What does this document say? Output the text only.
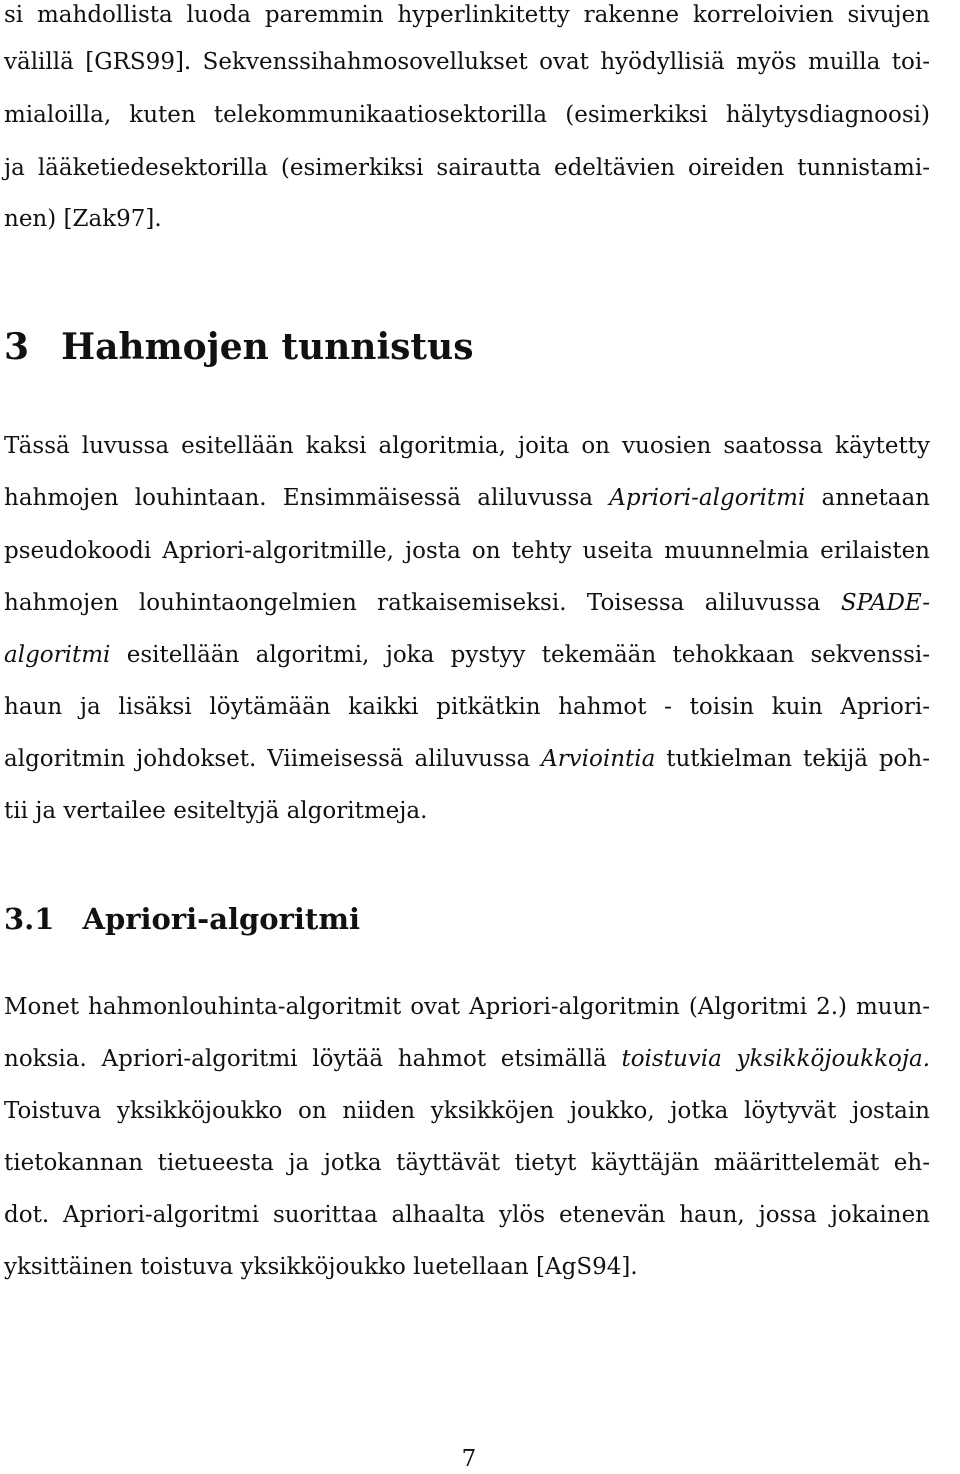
si mahdollista luoda paremmin hyperlinkitetty rakenne korreloivien sivujen
välillä [GRS99]. Sekvenssihahmosovellukset ovat hyödyllisiä myös muilla toi-
mialoilla, kuten telekommunikaatiosektorilla (esimerkiksi hälytysdiagnoosi)
ja lääketiedesektorilla (esimerkiksi sairautta edeltävien oireiden tunnistami-
nen) [Zak97].
3 Hahmojen tunnistus
Tässä luvussa esitellään kaksi algoritmia, joita on vuosien saatossa käytetty
hahmojen louhintaan. Ensimmäisessä aliluvussa Apriori-algoritmi annetaan
pseudokoodi Apriori-algoritmille, josta on tehty useita muunnelmia erilaisten
hahmojen louhintaongelmien ratkaisemiseksi. Toisessa aliluvussa SPADE-
algoritmi esitellään algoritmi, joka pystyy tekemään tehokkaan sekvenssi-
haun ja lisäksi löytämään kaikki pitkätkin hahmot - toisin kuin Apriori-
algoritmin johdokset. Viimeisessä aliluvussa Arviointia tutkielman tekijä poh-
tii ja vertailee esiteltyjä algoritmeja.
3.1 Apriori-algoritmi
Monet hahmonlouhinta-algoritmit ovat Apriori-algoritmin (Algoritmi 2.) muun-
noksia. Apriori-algoritmi löytää hahmot etsimällä toistuvia yksikköjoukkoja.
Toistuva yksikköjoukko on niiden yksikköjen joukko, jotka löytyvät jostain
tietokannan tietueesta ja jotka täyttävät tietyt käyttäjän määrittelemät eh-
dot. Apriori-algoritmi suorittaa alhaalta ylös etenevän haun, jossa jokainen
yksittäinen toistuva yksikköjoukko luetellaan [AgS94].
7
